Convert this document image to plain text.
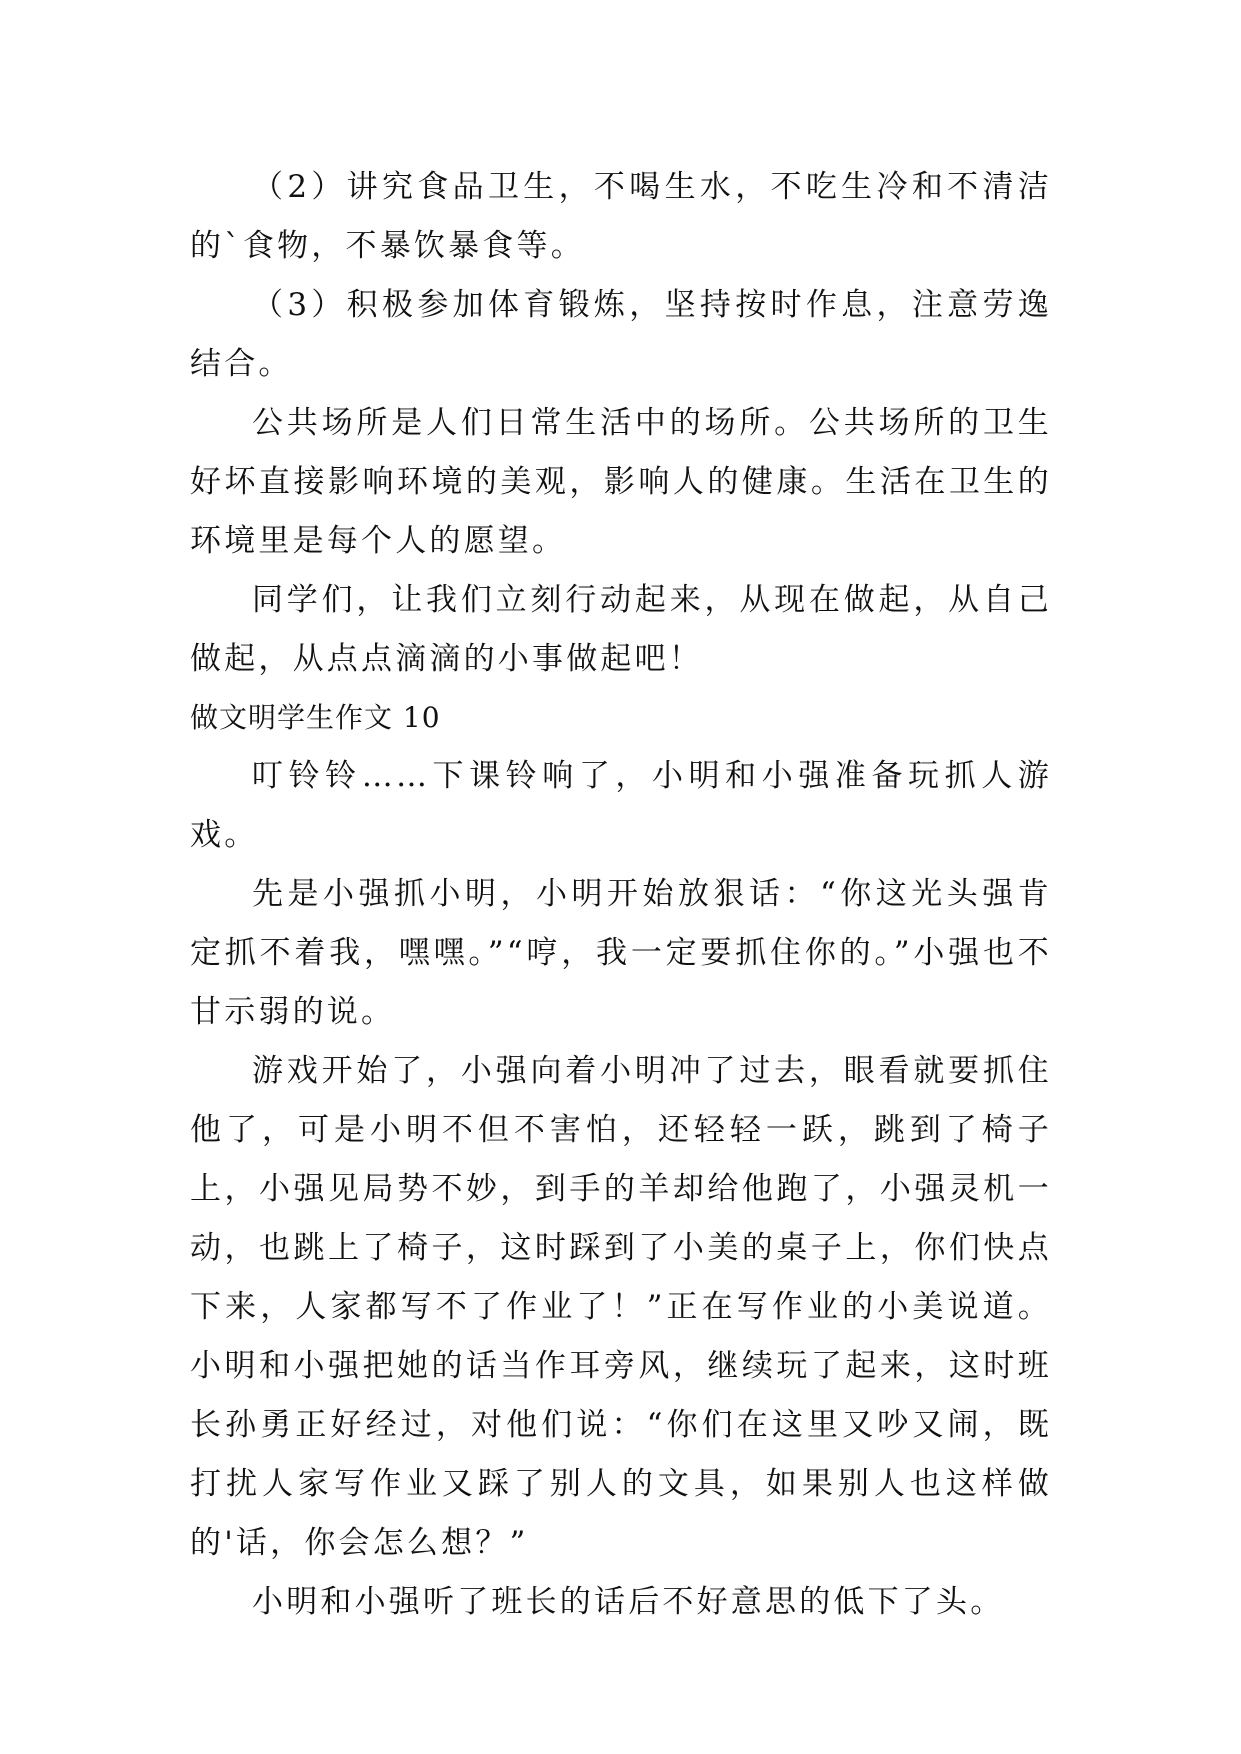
（2）讲究食品卫生，不喝生水，不吃生冷和不清洁的`食物，不暴饮暴食等。

（3）积极参加体育锻炼，坚持按时作息，注意劳逸结合。

公共场所是人们日常生活中的场所。公共场所的卫生好坏直接影响环境的美观，影响人的健康。生活在卫生的环境里是每个人的愿望。

同学们，让我们立刻行动起来，从现在做起，从自己做起，从点点滴滴的小事做起吧！

做文明学生作文 10

叮铃铃……下课铃响了，小明和小强准备玩抓人游戏。

先是小强抓小明，小明开始放狠话：“你这光头强肯定抓不着我，嘿嘿。”“哼，我一定要抓住你的。”小强也不甘示弱的说。

游戏开始了，小强向着小明冲了过去，眼看就要抓住他了，可是小明不但不害怕，还轻轻一跃，跳到了椅子上，小强见局势不妙，到手的羊却给他跑了，小强灵机一动，也跳上了椅子，这时踩到了小美的桌子上，你们快点下来，人家都写不了作业了！”正在写作业的小美说道。小明和小强把她的话当作耳旁风，继续玩了起来，这时班长孙勇正好经过，对他们说：“你们在这里又吵又闹，既打扰人家写作业又踩了别人的文具，如果别人也这样做的'话，你会怎么想？”

小明和小强听了班长的话后不好意思的低下了头。
